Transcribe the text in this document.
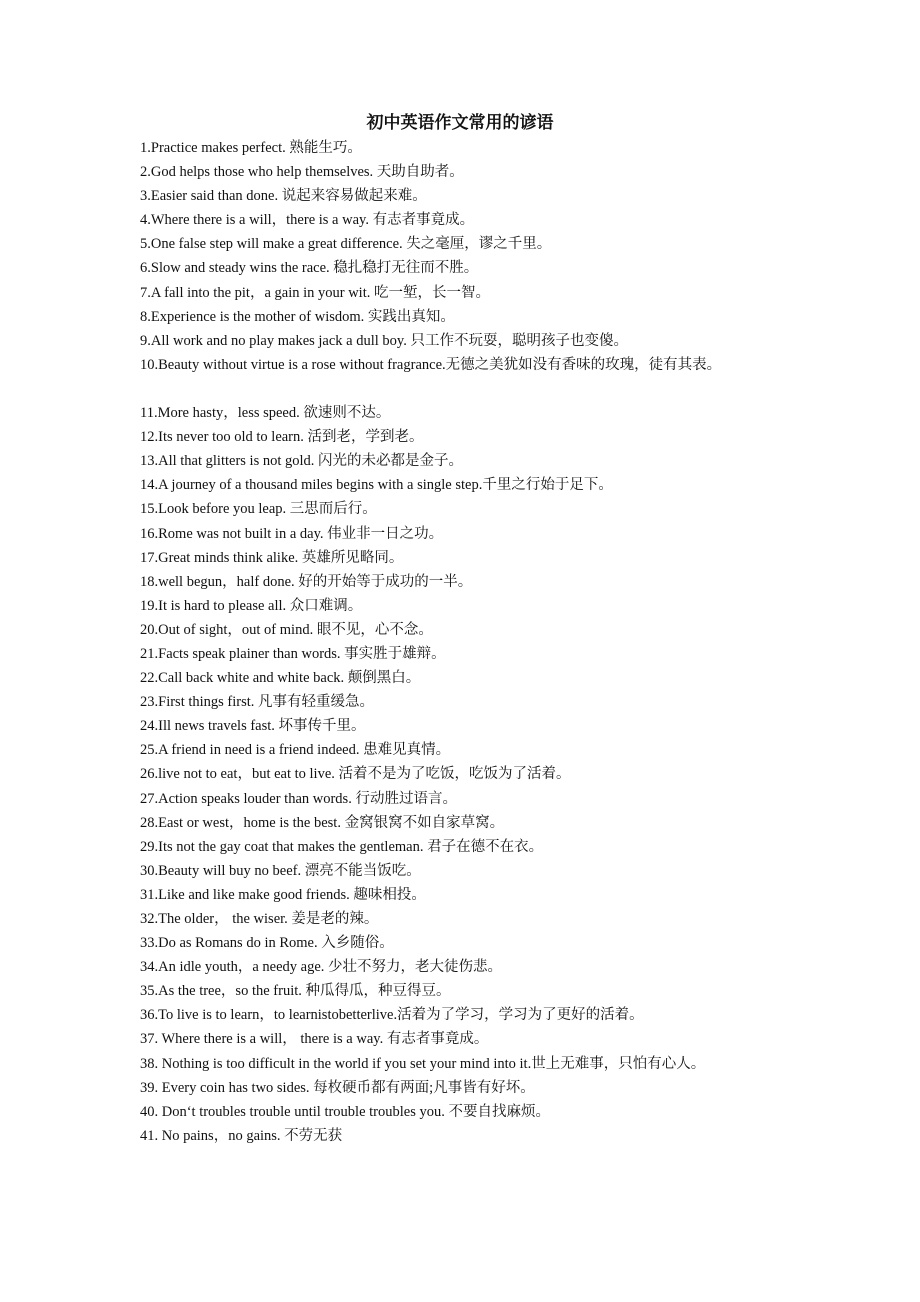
初中英语作文常用的谚语
1.Practice makes perfect. 熟能生巧。
2.God helps those who help themselves. 天助自助者。
3.Easier said than done. 说起来容易做起来难。
4.Where there is a will，there is a way. 有志者事竟成。
5.One false step will make a great difference. 失之毫厘，谬之千里。
6.Slow and steady wins the race. 稳扎稳打无往而不胜。
7.A fall into the pit，a gain in your wit. 吃一堑，长一智。
8.Experience is the mother of wisdom. 实践出真知。
9.All work and no play makes jack a dull boy. 只工作不玩耍，聪明孩子也变傻。
10.Beauty without virtue is a rose without fragrance.无德之美犹如没有香味的玫瑰，徒有其表。
11.More hasty，less speed. 欲速则不达。
12.Its never too old to learn. 活到老，学到老。
13.All that glitters is not gold. 闪光的未必都是金子。
14.A journey of a thousand miles begins with a single step.千里之行始于足下。
15.Look before you leap. 三思而后行。
16.Rome was not built in a day. 伟业非一日之功。
17.Great minds think alike. 英雄所见略同。
18.well begun，half done. 好的开始等于成功的一半。
19.It is hard to please all. 众口难调。
20.Out of sight，out of mind. 眼不见，心不念。
21.Facts speak plainer than words. 事实胜于雄辩。
22.Call back white and white back. 颠倒黑白。
23.First things first. 凡事有轻重缓急。
24.Ill news travels fast. 坏事传千里。
25.A friend in need is a friend indeed. 患难见真情。
26.live not to eat，but eat to live. 活着不是为了吃饭，吃饭为了活着。
27.Action speaks louder than words. 行动胜过语言。
28.East or west，home is the best. 金窝银窝不如自家草窝。
29.Its not the gay coat that makes the gentleman. 君子在德不在衣。
30.Beauty will buy no beef. 漂亮不能当饭吃。
31.Like and like make good friends. 趣味相投。
32.The older， the wiser. 姜是老的辣。
33.Do as Romans do in Rome. 入乡随俗。
34.An idle youth，a needy age. 少壮不努力，老大徒伤悲。
35.As the tree，so the fruit. 种瓜得瓜，种豆得豆。
36.To live is to learn，to learnistobetterlive.活着为了学习，学习为了更好的活着。
37. Where there is a will， there is a way. 有志者事竟成。
38. Nothing is too difficult in the world if you set your mind into it.世上无难事，只怕有心人。
39. Every coin has two sides. 每枚硬币都有两面;凡事皆有好坏。
40. Don‘t troubles trouble until trouble troubles you. 不要自找麻烦。
41. No pains，no gains. 不劳无获
